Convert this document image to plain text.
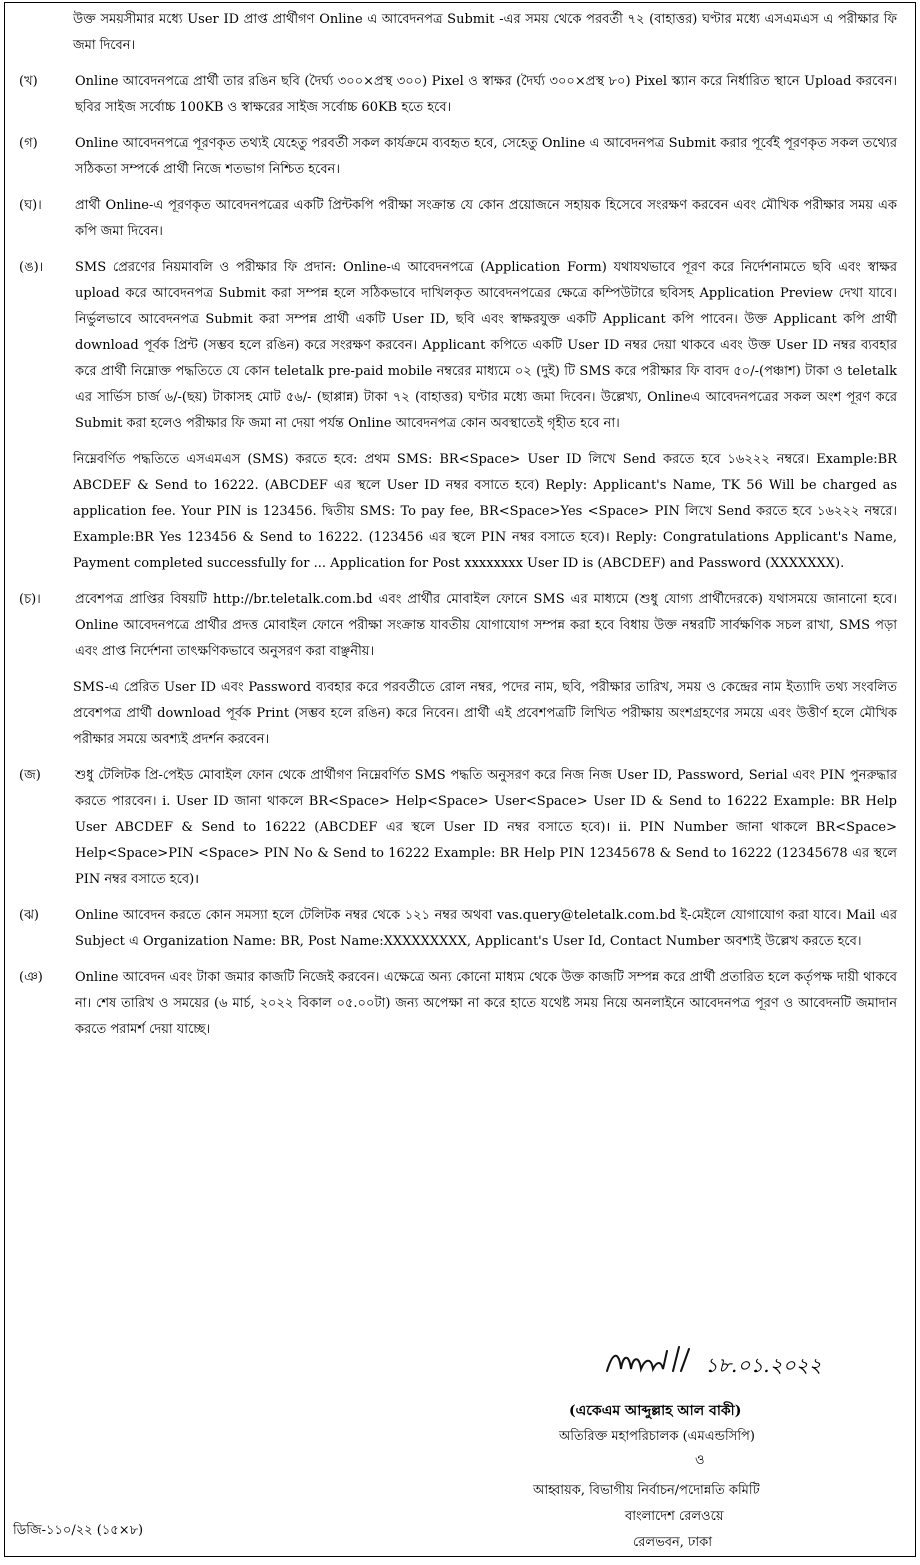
উক্ত সময়সীমার মধ্যে User ID প্রাপ্ত প্রার্থীগণ Online এ আবেদনপত্র Submit -এর সময় থেকে পরবর্তী ৭২ (বাহাত্তর) ঘণ্টার মধ্যে এসএমএস এ পরীক্ষার ফি জমা দিবেন।

(খ)	Online আবেদনপত্রে প্রার্থী তার রঙিন ছবি (দৈর্ঘ্য ৩০০×প্রস্থ ৩০০) Pixel ও স্বাক্ষর (দৈর্ঘ্য ৩০০×প্রস্থ ৮০) Pixel স্ক্যান করে নির্ধারিত স্থানে Upload করবেন। ছবির সাইজ সর্বোচ্চ 100KB ও স্বাক্ষরের সাইজ সর্বোচ্চ 60KB হতে হবে।

(গ)	Online আবেদনপত্রে পূরণকৃত তথ্যই যেহেতু পরবর্তী সকল কার্যক্রমে ব্যবহৃত হবে, সেহেতু Online এ আবেদনপত্র Submit করার পূর্বেই পূরণকৃত সকল তথ্যের সঠিকতা সম্পর্কে প্রার্থী নিজে শতভাগ নিশ্চিত হবেন।

(ঘ)।	প্রার্থী Online-এ পূরণকৃত আবেদনপত্রের একটি প্রিন্টকপি পরীক্ষা সংক্রান্ত যে কোন প্রয়োজনে সহায়ক হিসেবে সংরক্ষণ করবেন এবং মৌখিক পরীক্ষার সময় এক কপি জমা দিবেন।

(ঙ)।	SMS প্রেরণের নিয়মাবলি ও পরীক্ষার ফি প্রদান: Online-এ আবেদনপত্রে (Application Form) যথাযথভাবে পূরণ করে নির্দেশনামতে ছবি এবং স্বাক্ষর upload করে আবেদনপত্র Submit করা সম্পন্ন হলে সঠিকভাবে দাখিলকৃত আবেদনপত্রের ক্ষেত্রে কম্পিউটারে ছবিসহ Application Preview দেখা যাবে। নির্ভুলভাবে আবেদনপত্র Submit করা সম্পন্ন প্রার্থী একটি User ID, ছবি এবং স্বাক্ষরযুক্ত একটি Applicant কপি পাবেন। উক্ত Applicant কপি প্রার্থী download পূর্বক প্রিন্ট (সম্ভব হলে রঙিন) করে সংরক্ষণ করবেন। Applicant কপিতে একটি User ID নম্বর দেয়া থাকবে এবং উক্ত User ID নম্বর ব্যবহার করে প্রার্থী নিম্নোক্ত পদ্ধতিতে যে কোন teletalk pre-paid mobile নম্বরের মাধ্যমে ০২ (দুই) টি SMS করে পরীক্ষার ফি বাবদ ৫০/-(পঞ্চাশ) টাকা ও teletalk এর সার্ভিস চার্জ ৬/-(ছয়) টাকাসহ মোট ৫৬/- (ছাপ্পান্ন) টাকা ৭২ (বাহাত্তর) ঘণ্টার মধ্যে জমা দিবেন। উল্লেখ্য, Onlineএ আবেদনপত্রের সকল অংশ পূরণ করে Submit করা হলেও পরীক্ষার ফি জমা না দেয়া পর্যন্ত Online আবেদনপত্র কোন অবস্থাতেই গৃহীত হবে না।

নিম্নেবর্ণিত পদ্ধতিতে এসএমএস (SMS) করতে হবে: প্রথম SMS: BR<Space> User ID লিখে Send করতে হবে ১৬২২২ নম্বরে। Example:BR ABCDEF & Send to 16222. (ABCDEF এর স্থলে User ID নম্বর বসাতে হবে) Reply: Applicant's Name, TK 56 Will be charged as application fee. Your PIN is 123456. দ্বিতীয় SMS: To pay fee, BR<Space>Yes <Space> PIN লিখে Send করতে হবে ১৬২২২ নম্বরে। Example:BR Yes 123456 & Send to 16222. (123456 এর স্থলে PIN নম্বর বসাতে হবে)। Reply: Congratulations Applicant's Name, Payment completed successfully for ... Application for Post xxxxxxxx User ID is (ABCDEF) and Password (XXXXXXX).

(চ)।	প্রবেশপত্র প্রাপ্তির বিষয়টি http://br.teletalk.com.bd এবং প্রার্থীর মোবাইল ফোনে SMS এর মাধ্যমে (শুধু যোগ্য প্রার্থীদেরকে) যথাসময়ে জানানো হবে। Online আবেদনপত্রে প্রার্থীর প্রদত্ত মোবাইল ফোনে পরীক্ষা সংক্রান্ত যাবতীয় যোগাযোগ সম্পন্ন করা হবে বিধায় উক্ত নম্বরটি সার্বক্ষণিক সচল রাখা, SMS পড়া এবং প্রাপ্ত নির্দেশনা তাৎক্ষণিকভাবে অনুসরণ করা বাঞ্ছনীয়।

SMS-এ প্রেরিত User ID এবং Password ব্যবহার করে পরবর্তীতে রোল নম্বর, পদের নাম, ছবি, পরীক্ষার তারিখ, সময় ও কেন্দ্রের নাম ইত্যাদি তথ্য সংবলিত প্রবেশপত্র প্রার্থী download পূর্বক Print (সম্ভব হলে রঙিন) করে নিবেন। প্রার্থী এই প্রবেশপত্রটি লিখিত পরীক্ষায় অংশগ্রহণের সময়ে এবং উত্তীর্ণ হলে মৌখিক পরীক্ষার সময়ে অবশ্যই প্রদর্শন করবেন।

(জ)	শুধু টেলিটক প্রি-পেইড মোবাইল ফোন থেকে প্রার্থীগণ নিম্নেবর্ণিত SMS পদ্ধতি অনুসরণ করে নিজ নিজ User ID, Password, Serial এবং PIN পুনরুদ্ধার করতে পারবেন। i. User ID জানা থাকলে BR<Space> Help<Space> User<Space> User ID & Send to 16222 Example: BR Help User ABCDEF & Send to 16222 (ABCDEF এর স্থলে User ID নম্বর বসাতে হবে)। ii. PIN Number জানা থাকলে BR<Space> Help<Space>PIN <Space> PIN No & Send to 16222 Example: BR Help PIN 12345678 & Send to 16222 (12345678 এর স্থলে PIN নম্বর বসাতে হবে)।

(ঝ)	Online আবেদন করতে কোন সমস্যা হলে টেলিটক নম্বর থেকে ১২১ নম্বর অথবা vas.query@teletalk.com.bd ই-মেইলে যোগাযোগ করা যাবে। Mail এর Subject এ Organization Name: BR, Post Name:XXXXXXXXX, Applicant's User Id, Contact Number অবশ্যই উল্লেখ করতে হবে।

(ঞ)	Online আবেদন এবং টাকা জমার কাজটি নিজেই করবেন। এক্ষেত্রে অন্য কোনো মাধ্যম থেকে উক্ত কাজটি সম্পন্ন করে প্রার্থী প্রতারিত হলে কর্তৃপক্ষ দায়ী থাকবে না। শেষ তারিখ ও সময়ের (৬ মার্চ, ২০২২ বিকাল ০৫.০০টা) জন্য অপেক্ষা না করে হাতে যথেষ্ট সময় নিয়ে অনলাইনে আবেদনপত্র পূরণ ও আবেদনটি জমাদান করতে পরামর্শ দেয়া যাচ্ছে।

১৮.০১.২০২২
(একেএম আব্দুল্লাহ আল বাকী)
অতিরিক্ত মহাপরিচালক (এমএন্ডসিপি)
ও
আহ্বায়ক, বিভাগীয় নির্বাচন/পদোন্নতি কমিটি
বাংলাদেশ রেলওয়ে
রেলভবন, ঢাকা
ডিজি-১১০/২২ (১৫×৮)
